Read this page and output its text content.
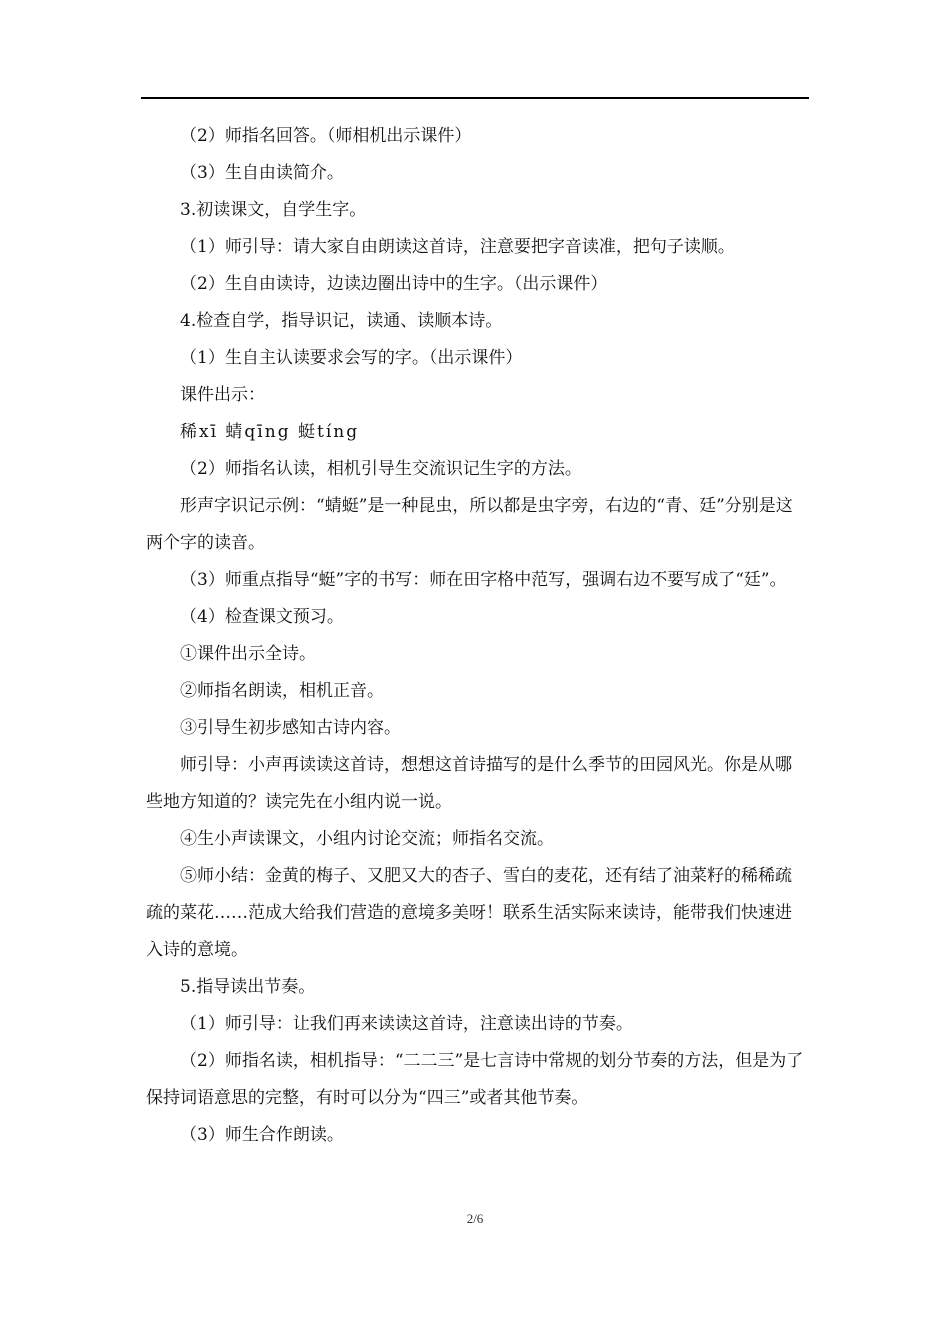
（2）师指名回答。（师相机出示课件）

（3）生自由读简介。

3.初读课文，自学生字。

（1）师引导：请大家自由朗读这首诗，注意要把字音读准，把句子读顺。

（2）生自由读诗，边读边圈出诗中的生字。（出示课件）

4.检查自学，指导识记，读通、读顺本诗。

（1）生自主认读要求会写的字。（出示课件）

课件出示：

稀xī 蜻qīng 蜓tíng

（2）师指名认读，相机引导生交流识记生字的方法。

形声字识记示例：“蜻蜓”是一种昆虫，所以都是虫字旁，右边的“青、廷”分别是这两个字的读音。

（3）师重点指导“蜓”字的书写：师在田字格中范写，强调右边不要写成了“廷”。

（4）检查课文预习。

①课件出示全诗。

②师指名朗读，相机正音。

③引导生初步感知古诗内容。

师引导：小声再读读这首诗，想想这首诗描写的是什么季节的田园风光。你是从哪些地方知道的？读完先在小组内说一说。

④生小声读课文，小组内讨论交流；师指名交流。

⑤师小结：金黄的梅子、又肥又大的杏子、雪白的麦花，还有结了油菜籽的稀稀疏疏的菜花……范成大给我们营造的意境多美呀！联系生活实际来读诗，能带我们快速进入诗的意境。

5.指导读出节奏。

（1）师引导：让我们再来读读这首诗，注意读出诗的节奏。

（2）师指名读，相机指导：“二二三”是七言诗中常规的划分节奏的方法，但是为了保持词语意思的完整，有时可以分为“四三”或者其他节奏。

（3）师生合作朗读。

2/6
